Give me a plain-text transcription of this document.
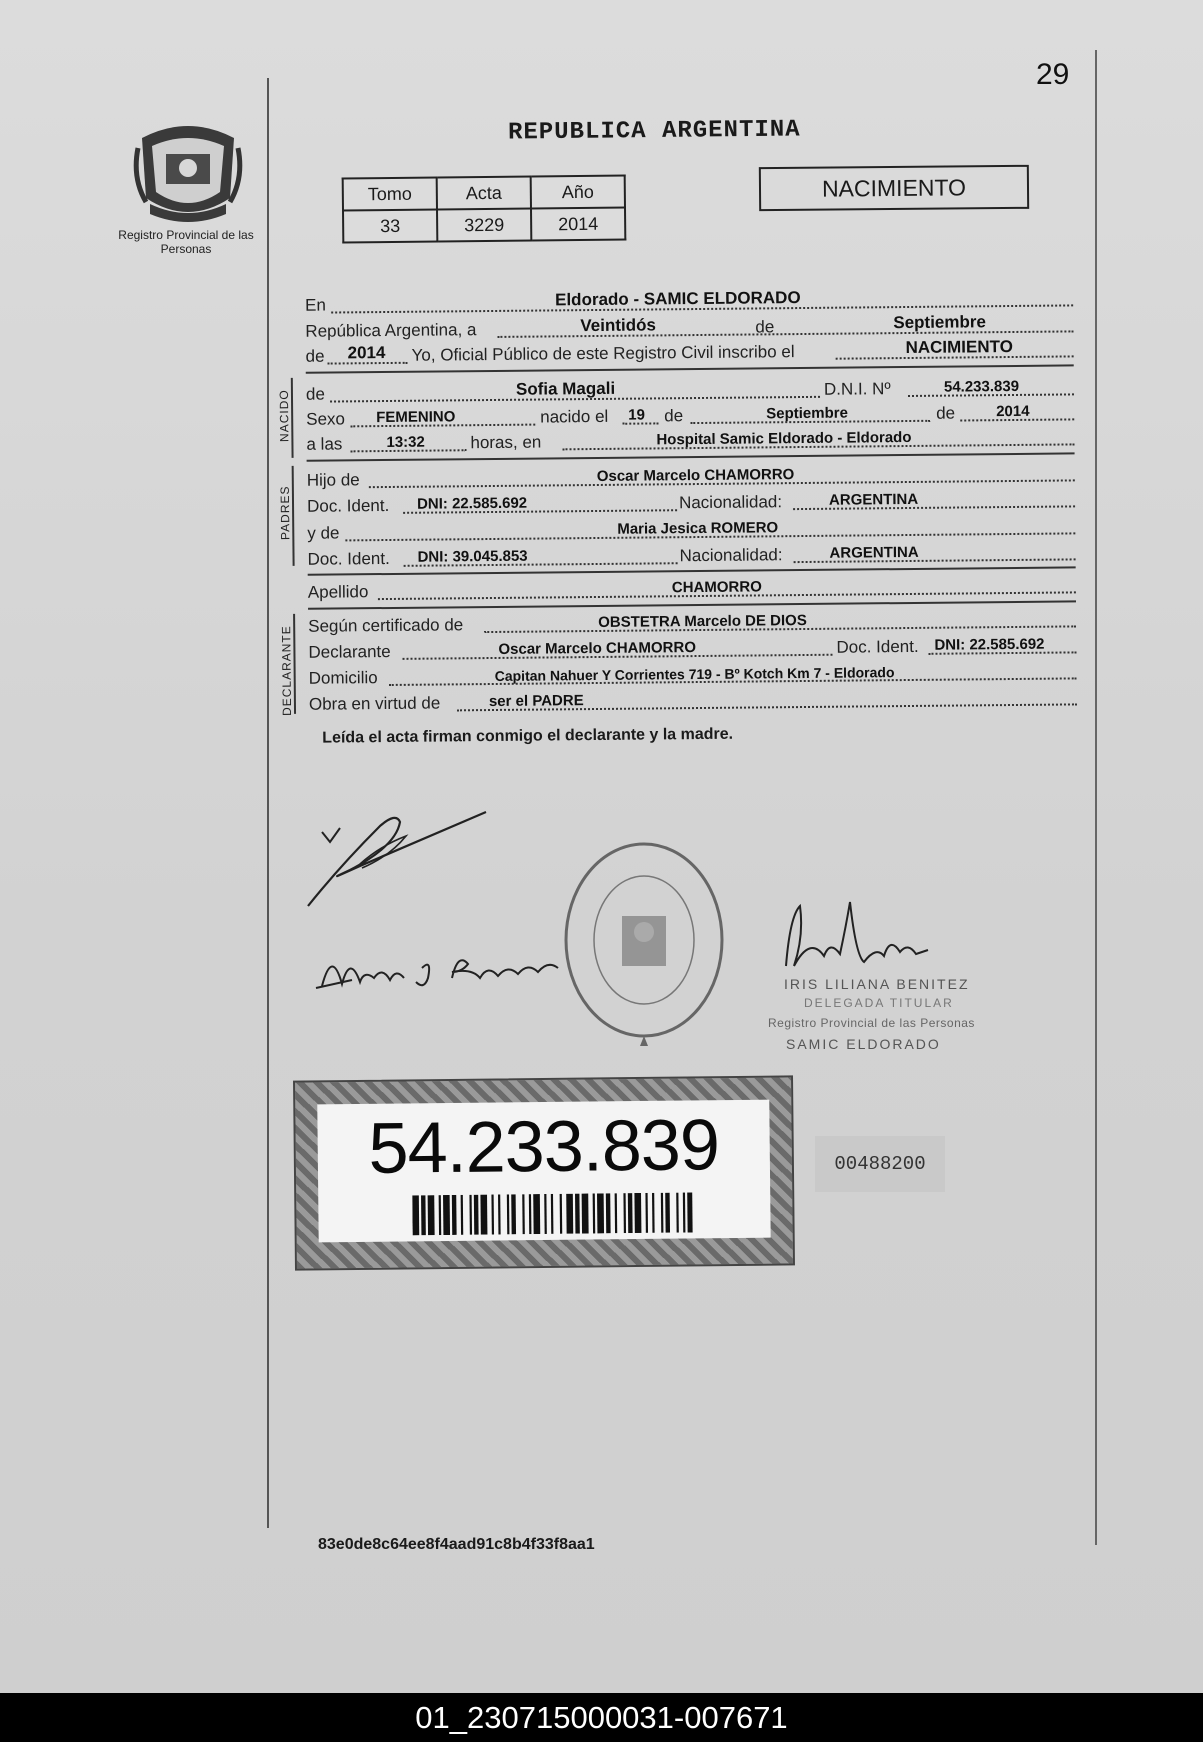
29
Registro Provincial de las Personas
REPUBLICA ARGENTINA
Tomo	Acta	Año
33	3229	2014
NACIMIENTO
En	Eldorado - SAMIC ELDORADO
República Argentina, a	Veintidós	de	Septiembre
de 2014 Yo, Oficial Público de este Registro Civil inscribo el	NACIMIENTO
NACIDO de	Sofia Magali	D.N.I. Nº	54.233.839
Sexo FEMENINO	nacido el 19 de	Septiembre	de	2014
a las	13:32	horas, en	Hospital Samic Eldorado - Eldorado
PADRES
Hijo de	Oscar Marcelo CHAMORRO
Doc. Ident. DNI: 22.585.692	Nacionalidad:	ARGENTINA
y de	Maria Jesica ROMERO
Doc. Ident. DNI: 39.045.853	Nacionalidad:	ARGENTINA
Apellido	CHAMORRO
DECLARANTE Según certificado de	OBSTETRA Marcelo DE DIOS
Declarante	Oscar Marcelo CHAMORRO	Doc. Ident. DNI: 22.585.692
Domicilio	Capitan Nahuer Y Corrientes 719 - Bº Kotch Km 7 - Eldorado
Obra en virtud de	ser el PADRE
Leída el acta firman conmigo el declarante y la madre.
IRIS LILIANA BENITEZ
DELEGADA TITULAR
Registro Provincial de las Personas
SAMIC ELDORADO
54.233.839	00488200
83e0de8c64ee8f4aad91c8b4f33f8aa1
01_230715000031-007671
